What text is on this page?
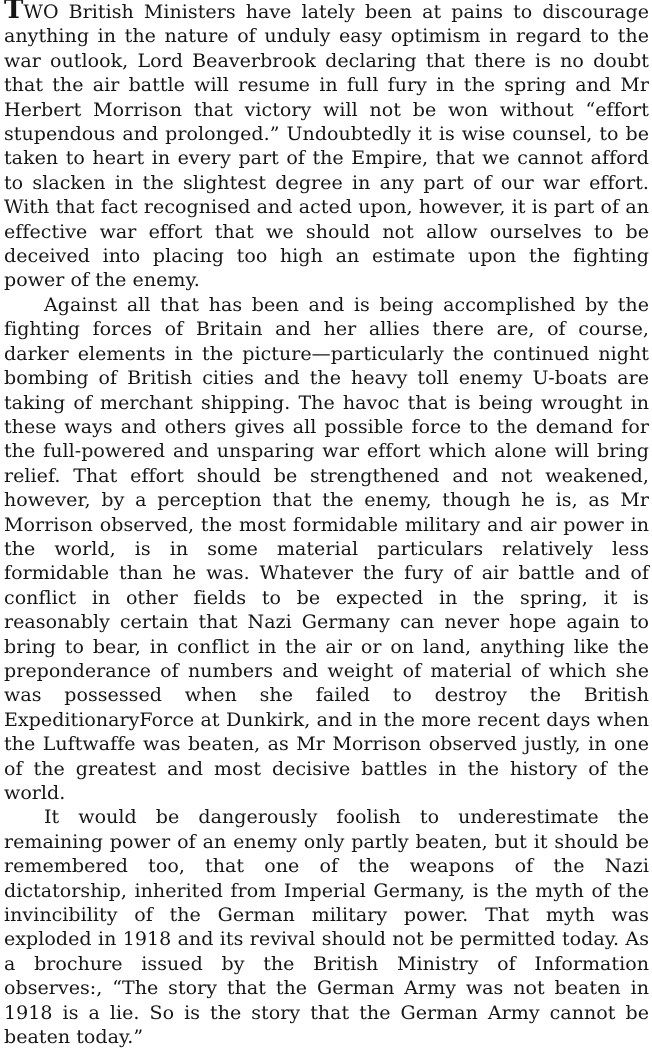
TWO British Ministers have lately been at pains to discourage anything in the nature of unduly easy optimism in regard to the war outlook, Lord Beaverbrook declaring that there is no doubt that the air battle will resume in full fury in the spring and Mr Herbert Morrison that victory will not be won without “effort stupendous and prolonged.” Undoubtedly it is wise counsel, to be taken to heart in every part of the Empire, that we cannot afford to slacken in the slightest degree in any part of our war effort. With that fact recognised and acted upon, however, it is part of an effective war effort that we should not allow ourselves to be deceived into placing too high an estimate upon the fighting power of the enemy.

Against all that has been and is being accomplished by the fighting forces of Britain and her allies there are, of course, darker elements in the picture—particularly the continued night bombing of British cities and the heavy toll enemy U-boats are taking of merchant shipping. The havoc that is being wrought in these ways and others gives all possible force to the demand for the full-powered and unsparing war effort which alone will bring relief. That effort should be strengthened and not weakened, however, by a perception that the enemy, though he is, as Mr Morrison observed, the most formidable military and air power in the world, is in some material particulars relatively less formidable than he was. Whatever the fury of air battle and of conflict in other fields to be expected in the spring, it is reasonably certain that Nazi Germany can never hope again to bring to bear, in conflict in the air or on land, anything like the preponderance of numbers and weight of material of which she was possessed when she failed to destroy the British ExpeditionaryForce at Dunkirk, and in the more recent days when the Luftwaffe was beaten, as Mr Morrison observed justly, in one of the greatest and most decisive battles in the history of the world.

It would be dangerously foolish to underestimate the remaining power of an enemy only partly beaten, but it should be remembered too, that one of the weapons of the Nazi dictatorship, inherited from Imperial Germany, is the myth of the invincibility of the German military power. That myth was exploded in 1918 and its revival should not be permitted today. As a brochure issued by the British Ministry of Information observes:, “The story that the German Army was not beaten in 1918 is a lie. So is the story that the German Army cannot be beaten today.”
